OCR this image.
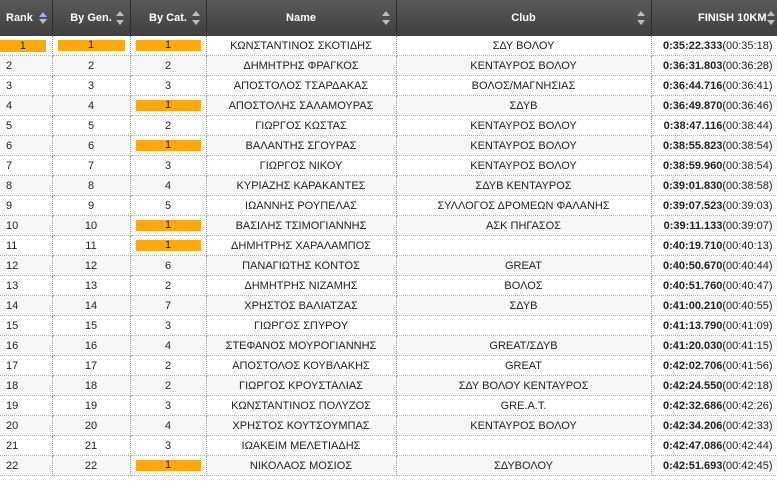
Rank	By Gen.	By Cat.	Name	Club	FINISH 10KM

1	1	1	ΚΩΝΣΤΑΝΤΙΝΟΣ ΣΚΟΤΙΔΗΣ	ΣΔΥ ΒΟΛΟΥ	0:35:22.333(00:35:18)
2	2	2	ΔΗΜΗΤΡΗΣ ΦΡΑΓΚΟΣ	ΚΕΝΤΑΥΡΟΣ ΒΟΛΟΥ	0:36:31.803(00:36:28)
3	3	3	ΑΠΟΣΤΟΛΟΣ ΤΣΑΡΔΑΚΑΣ	ΒΟΛΟΣ/ΜΑΓΝΗΣΙΑΣ	0:36:44.716(00:36:41)
4	4	1	ΑΠΟΣΤΟΛΗΣ ΣΑΛΑΜΟΥΡΑΣ	ΣΔΥΒ	0:36:49.870(00:36:46)
5	5	2	ΓΙΩΡΓΟΣ ΚΩΣΤΑΣ	ΚΕΝΤΑΥΡΟΣ ΒΟΛΟΥ	0:38:47.116(00:38:44)
6	6	1	ΒΑΛΑΝΤΗΣ ΣΓΟΥΡΑΣ	ΚΕΝΤΑΥΡΟΣ ΒΟΛΟΥ	0:38:55.823(00:38:54)
7	7	3	ΓΙΩΡΓΟΣ ΝΙΚΟΥ	ΚΕΝΤΑΥΡΟΣ ΒΟΛΟΥ	0:38:59.960(00:38:54)
8	8	4	ΚΥΡΙΑΖΗΣ ΚΑΡΑΚΑΝΤΕΣ	ΣΔΥΒ ΚΕΝΤΑΥΡΟΣ	0:39:01.830(00:38:58)
9	9	5	ΙΩΑΝΝΗΣ ΡΟΥΠΕΛΑΣ	ΣΥΛΛΟΓΟΣ ΔΡΟΜΕΩΝ ΦΑΛΑΝΗΣ	0:39:07.523(00:39:03)
10	10	1	ΒΑΣΙΛΗΣ ΤΣΙΜΟΓΙΑΝΝΗΣ	ΑΣΚ ΠΗΓΑΣΟΣ	0:39:11.133(00:39:07)
11	11	1	ΔΗΜΗΤΡΗΣ ΧΑΡΑΛΑΜΠΟΣ		0:40:19.710(00:40:13)
12	12	6	ΠΑΝΑΓΙΩΤΗΣ ΚΟΝΤΟΣ	GREAT	0:40:50.670(00:40:44)
13	13	2	ΔΗΜΗΤΡΗΣ ΝΙΖΑΜΗΣ	ΒΟΛΟΣ	0:40:51.760(00:40:47)
14	14	7	ΧΡΗΣΤΟΣ ΒΑΛΙΑΤΖΑΣ	ΣΔΥΒ	0:41:00.210(00:40:55)
15	15	3	ΓΙΩΡΓΟΣ ΣΠΥΡΟΥ		0:41:13.790(00:41:09)
16	16	4	ΣΤΕΦΑΝΟΣ ΜΟΥΡΟΓΙΑΝΝΗΣ	GREAT/ΣΔΥΒ	0:41:20.030(00:41:15)
17	17	2	ΑΠΟΣΤΟΛΟΣ ΚΟΥΒΛΑΚΗΣ	GREAT	0:42:02.706(00:41:56)
18	18	2	ΓΙΩΡΓΟΣ ΚΡΟΥΣΤΑΛΙΑΣ	ΣΔΥ ΒΟΛΟΥ ΚΕΝΤΑΥΡΟΣ	0:42:24.550(00:42:18)
19	19	3	ΚΩΝΣΤΑΝΤΙΝΟΣ ΠΟΛΥΖΟΣ	GRE.A.T.	0:42:32.686(00:42:26)
20	20	4	ΧΡΗΣΤΟΣ ΚΟΥΤΣΟΥΜΠΑΣ	ΚΕΝΤΑΥΡΟΣ ΒΟΛΟΥ	0:42:34.206(00:42:33)
21	21	3	ΙΩΑΚΕΙΜ ΜΕΛΕΤΙΑΔΗΣ		0:42:47.086(00:42:44)
22	22	1	ΝΙΚΟΛΑΟΣ ΜΟΣΙΟΣ	ΣΔΥΒΟΛΟΥ	0:42:51.693(00:42:45)
